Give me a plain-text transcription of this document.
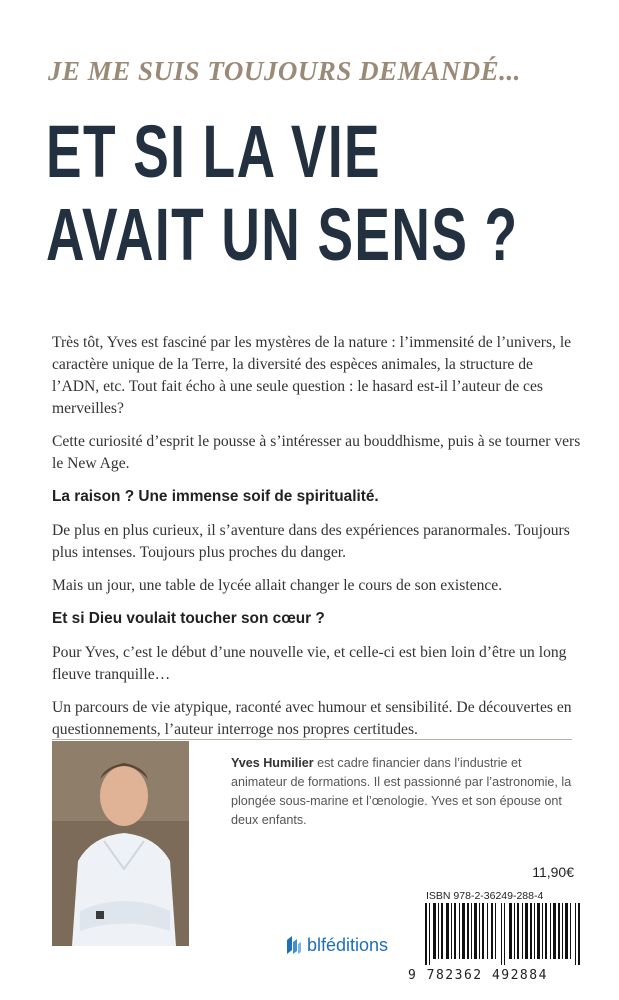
JE ME SUIS TOUJOURS DEMANDÉ...
ET SI LA VIE
AVAIT UN SENS ?

Très tôt, Yves est fasciné par les mystères de la nature : l’immensité de l’univers, le caractère unique de la Terre, la diversité des espèces animales, la structure de l’ADN, etc. Tout fait écho à une seule question : le hasard est-il l’auteur de ces merveilles?

Cette curiosité d’esprit le pousse à s’intéresser au bouddhisme, puis à se tourner vers le New Age.

La raison ? Une immense soif de spiritualité.

De plus en plus curieux, il s’aventure dans des expériences paranormales. Toujours plus intenses. Toujours plus proches du danger.

Mais un jour, une table de lycée allait changer le cours de son existence.

Et si Dieu voulait toucher son cœur ?

Pour Yves, c’est le début d’une nouvelle vie, et celle-ci est bien loin d’être un long fleuve tranquille…

Un parcours de vie atypique, raconté avec humour et sensibilité. De découvertes en questionnements, l’auteur interroge nos propres certitudes.

Yves Humilier est cadre financier dans l’industrie et animateur de formations. Il est passionné par l’astronomie, la plongée sous-marine et l’œnologie. Yves et son épouse ont deux enfants.

11,90€
ISBN 978-2-36249-288-4
9 782362 492884
blféditions
